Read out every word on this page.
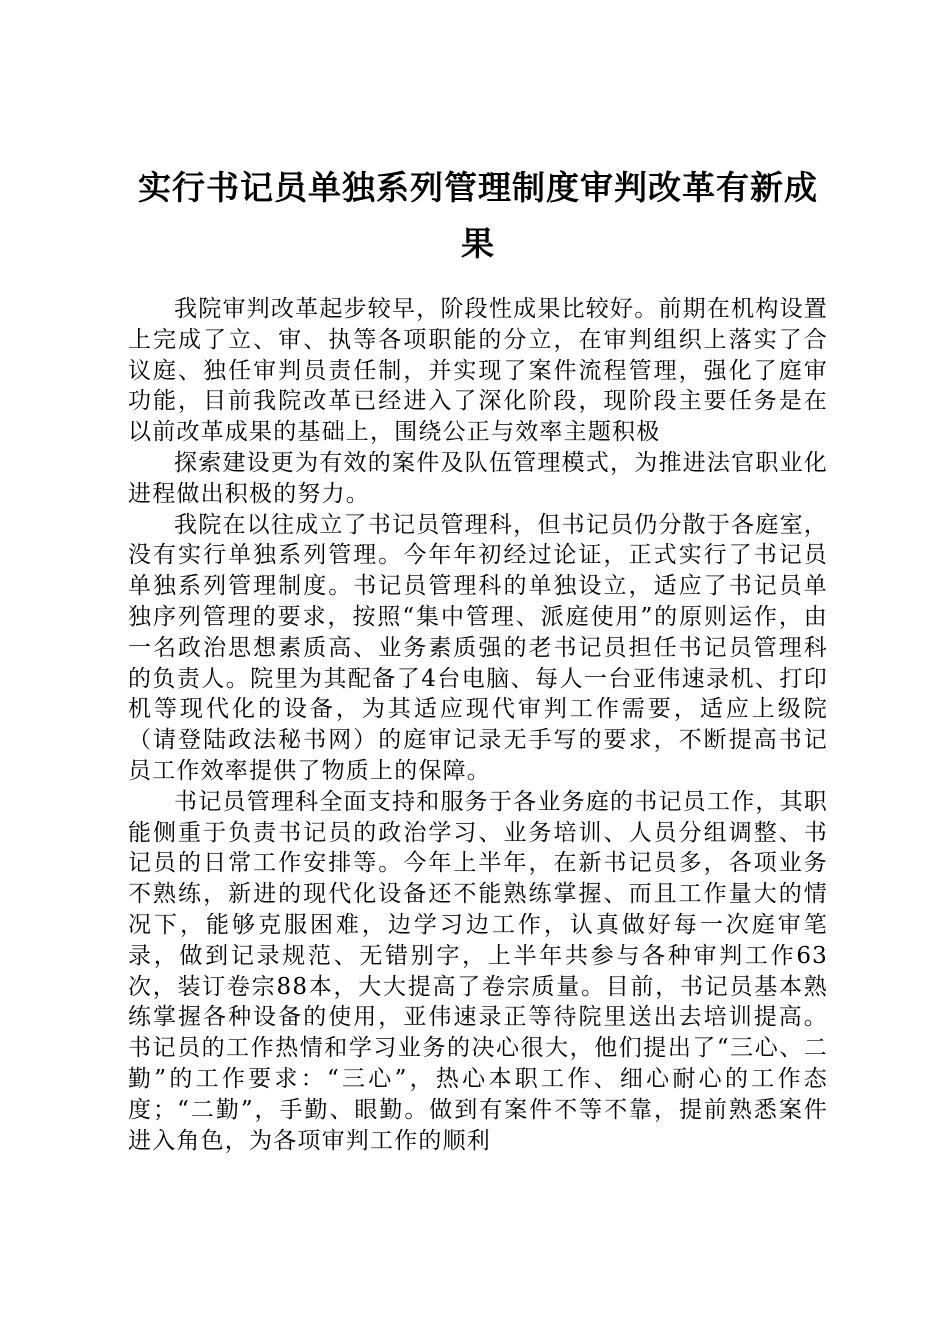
实行书记员单独系列管理制度审判改革有新成果

我院审判改革起步较早，阶段性成果比较好。前期在机构设置上完成了立、审、执等各项职能的分立，在审判组织上落实了合议庭、独任审判员责任制，并实现了案件流程管理，强化了庭审功能，目前我院改革已经进入了深化阶段，现阶段主要任务是在以前改革成果的基础上，围绕公正与效率主题积极

探索建设更为有效的案件及队伍管理模式，为推进法官职业化进程做出积极的努力。

我院在以往成立了书记员管理科，但书记员仍分散于各庭室，没有实行单独系列管理。今年年初经过论证，正式实行了书记员单独系列管理制度。书记员管理科的单独设立，适应了书记员单独序列管理的要求，按照“集中管理、派庭使用”的原则运作，由一名政治思想素质高、业务素质强的老书记员担任书记员管理科的负责人。院里为其配备了4台电脑、每人一台亚伟速录机、打印机等现代化的设备，为其适应现代审判工作需要，适应上级院（请登陆政法秘书网）的庭审记录无手写的要求，不断提高书记员工作效率提供了物质上的保障。

书记员管理科全面支持和服务于各业务庭的书记员工作，其职能侧重于负责书记员的政治学习、业务培训、人员分组调整、书记员的日常工作安排等。今年上半年，在新书记员多，各项业务不熟练，新进的现代化设备还不能熟练掌握、而且工作量大的情况下，能够克服困难，边学习边工作，认真做好每一次庭审笔录，做到记录规范、无错别字，上半年共参与各种审判工作63次，装订卷宗88本，大大提高了卷宗质量。目前，书记员基本熟练掌握各种设备的使用，亚伟速录正等待院里送出去培训提高。书记员的工作热情和学习业务的决心很大，他们提出了“三心、二勤”的工作要求：“三心”，热心本职工作、细心耐心的工作态度；“二勤”，手勤、眼勤。做到有案件不等不靠，提前熟悉案件进入角色，为各项审判工作的顺利
